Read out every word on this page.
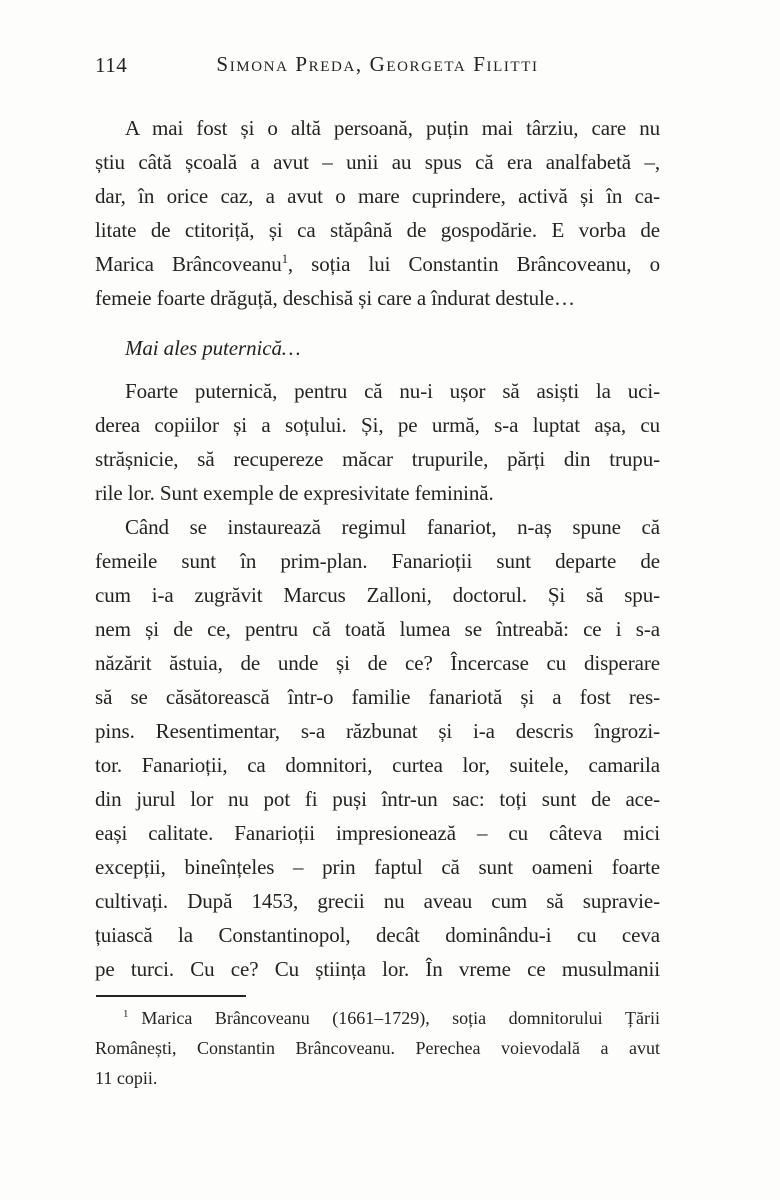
114	Simona Preda, Georgeta Filitti
A mai fost și o altă persoană, puțin mai târziu, care nu
știu câtă școală a avut – unii au spus că era analfabetă –,
dar, în orice caz, a avut o mare cuprindere, activă și în ca-
litate de ctitoriță, și ca stăpână de gospodărie. E vorba de
Marica Brâncoveanu$^1$, soția lui Constantin Brâncoveanu, o
femeie foarte drăguță, deschisă și care a îndurat destule…
Mai ales puternică…
Foarte puternică, pentru că nu-i ușor să asiști la uci-
derea copiilor și a soțului. Și, pe urmă, s-a luptat așa, cu
strășnicie, să recupereze măcar trupurile, părți din trupu-
rile lor. Sunt exemple de expresivitate feminină.
Când se instaurează regimul fanariot, n-aș spune că
femeile sunt în prim-plan. Fanarioții sunt departe de
cum i-a zugrăvit Marcus Zalloni, doctorul. Și să spu-
nem și de ce, pentru că toată lumea se întreabă: ce i s-a
năzărit ăstuia, de unde și de ce? Încercase cu disperare
să se căsătorească într-o familie fanariotă și a fost res-
pins. Resentimentar, s-a răzbunat și i-a descris îngrozi-
tor. Fanarioții, ca domnitori, curtea lor, suitele, camarila
din jurul lor nu pot fi puși într-un sac: toți sunt de ace-
eași calitate. Fanarioții impresionează – cu câteva mici
excepții, bineînțeles – prin faptul că sunt oameni foarte
cultivați. După 1453, grecii nu aveau cum să supravie-
țuiască la Constantinopol, decât dominându-i cu ceva
pe turci. Cu ce? Cu știința lor. În vreme ce musulmanii
$^1$ Marica Brâncoveanu (1661–1729), soția domnitorului Țării
Românești, Constantin Brâncoveanu. Perechea voievodală a avut
11 copii.
